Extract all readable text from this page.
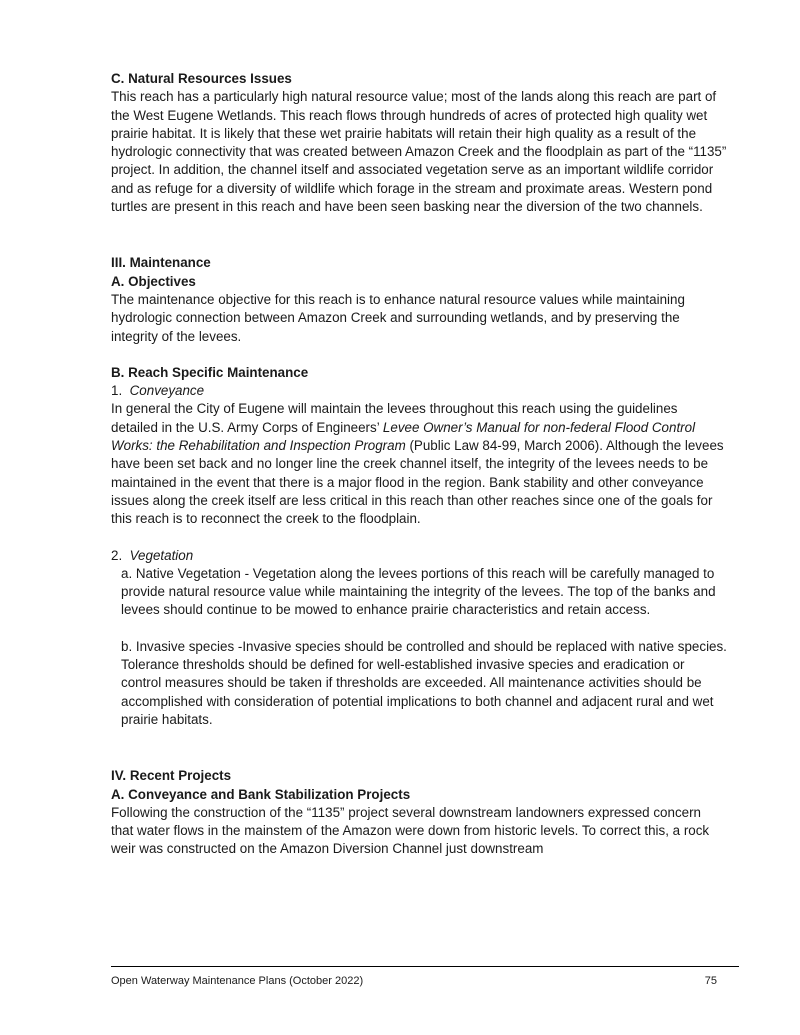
C. Natural Resources Issues

This reach has a particularly high natural resource value; most of the lands along this reach are part of the West Eugene Wetlands. This reach flows through hundreds of acres of protected high quality wet prairie habitat. It is likely that these wet prairie habitats will retain their high quality as a result of the hydrologic connectivity that was created between Amazon Creek and the floodplain as part of the “1135” project. In addition, the channel itself and associated vegetation serve as an important wildlife corridor and as refuge for a diversity of wildlife which forage in the stream and proximate areas. Western pond turtles are present in this reach and have been seen basking near the diversion of the two channels.

III. Maintenance

A. Objectives

The maintenance objective for this reach is to enhance natural resource values while maintaining hydrologic connection between Amazon Creek and surrounding wetlands, and by preserving the integrity of the levees.

B. Reach Specific Maintenance

1. Conveyance

In general the City of Eugene will maintain the levees throughout this reach using the guidelines detailed in the U.S. Army Corps of Engineers’ Levee Owner’s Manual for non-federal Flood Control Works: the Rehabilitation and Inspection Program (Public Law 84-99, March 2006). Although the levees have been set back and no longer line the creek channel itself, the integrity of the levees needs to be maintained in the event that there is a major flood in the region. Bank stability and other conveyance issues along the creek itself are less critical in this reach than other reaches since one of the goals for this reach is to reconnect the creek to the floodplain.

2. Vegetation

a. Native Vegetation - Vegetation along the levees portions of this reach will be carefully managed to provide natural resource value while maintaining the integrity of the levees. The top of the banks and levees should continue to be mowed to enhance prairie characteristics and retain access.

b. Invasive species -Invasive species should be controlled and should be replaced with native species. Tolerance thresholds should be defined for well-established invasive species and eradication or control measures should be taken if thresholds are exceeded. All maintenance activities should be accomplished with consideration of potential implications to both channel and adjacent rural and wet prairie habitats.

IV. Recent Projects

A. Conveyance and Bank Stabilization Projects

Following the construction of the “1135” project several downstream landowners expressed concern that water flows in the mainstem of the Amazon were down from historic levels. To correct this, a rock weir was constructed on the Amazon Diversion Channel just downstream

Open Waterway Maintenance Plans (October 2022)	75
